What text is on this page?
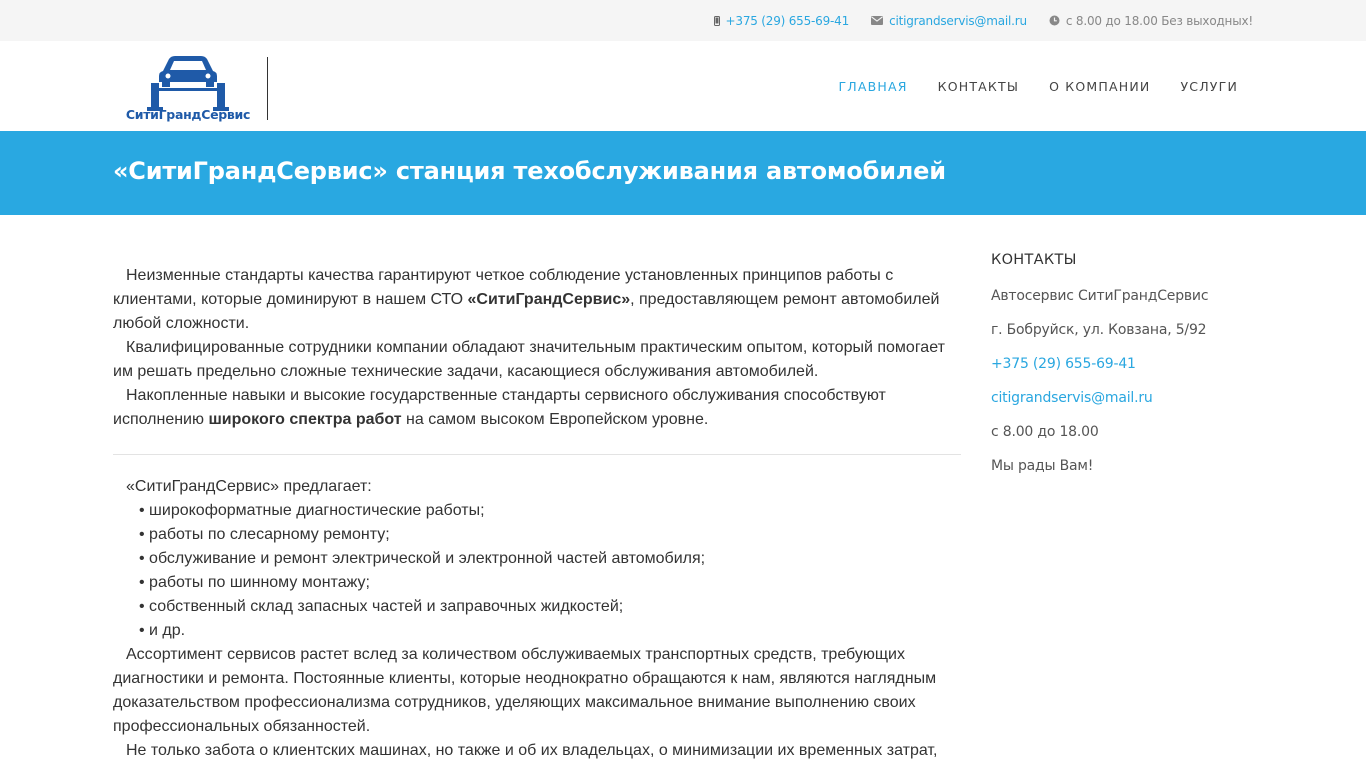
+375 (29) 655-69-41	citigrandservis@mail.ru	с 8.00 до 18.00 Без выходных!
СитиГрандСервис
ГЛАВНАЯ	КОНТАКТЫ	О КОМПАНИИ	УСЛУГИ
«СитиГрандСервис» станция техобслуживания автомобилей

Неизменные стандарты качества гарантируют четкое соблюдение установленных принципов работы с клиентами, которые доминируют в нашем СТО «СитиГрандСервис», предоставляющем ремонт автомобилей любой сложности.

Квалифицированные сотрудники компании обладают значительным практическим опытом, который помогает им решать предельно сложные технические задачи, касающиеся обслуживания автомобилей.

Накопленные навыки и высокие государственные стандарты сервисного обслуживания способствуют исполнению широкого спектра работ на самом высоком Европейском уровне.

«СитиГрандСервис» предлагает:

• широкоформатные диагностические работы;

• работы по слесарному ремонту;

• обслуживание и ремонт электрической и электронной частей автомобиля;

• работы по шинному монтажу;

• собственный склад запасных частей и заправочных жидкостей;

• и др.

Ассортимент сервисов растет вслед за количеством обслуживаемых транспортных средств, требующих диагностики и ремонта. Постоянные клиенты, которые неоднократно обращаются к нам, являются наглядным доказательством профессионализма сотрудников, уделяющих максимальное внимание выполнению своих профессиональных обязанностей.

Не только забота о клиентских машинах, но также и об их владельцах, о минимизации их временных затрат,

КОНТАКТЫ
Автосервис СитиГрандСервис
г. Бобруйск, ул. Ковзана, 5/92
+375 (29) 655-69-41
citigrandservis@mail.ru
с 8.00 до 18.00
Мы рады Вам!
